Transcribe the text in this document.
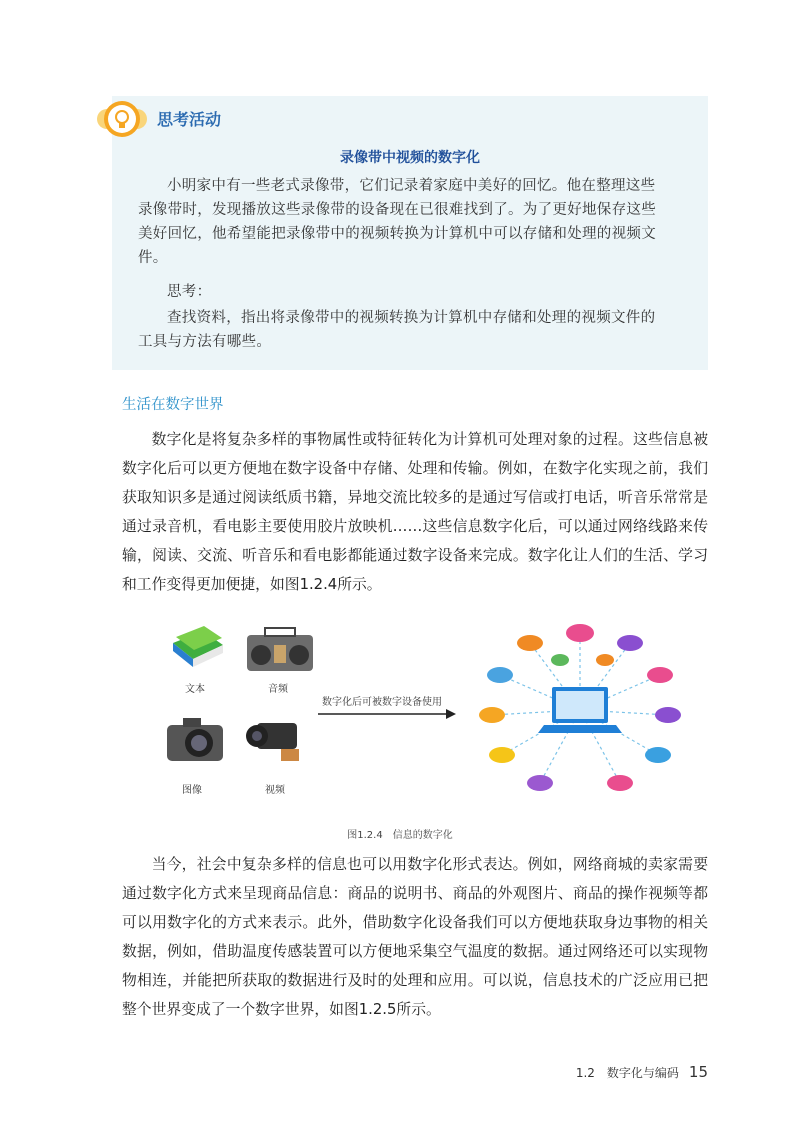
思考活动
录像带中视频的数字化
小明家中有一些老式录像带，它们记录着家庭中美好的回忆。他在整理这些录像带时，发现播放这些录像带的设备现在已很难找到了。为了更好地保存这些美好回忆，他希望能把录像带中的视频转换为计算机中可以存储和处理的视频文件。
思考：
查找资料，指出将录像带中的视频转换为计算机中存储和处理的视频文件的工具与方法有哪些。
生活在数字世界
数字化是将复杂多样的事物属性或特征转化为计算机可处理对象的过程。这些信息被数字化后可以更方便地在数字设备中存储、处理和传输。例如，在数字化实现之前，我们获取知识多是通过阅读纸质书籍，异地交流比较多的是通过写信或打电话，听音乐常常是通过录音机，看电影主要使用胶片放映机……这些信息数字化后，可以通过网络线路来传输，阅读、交流、听音乐和看电影都能通过数字设备来完成。数字化让人们的生活、学习和工作变得更加便捷，如图1.2.4所示。
文本	音频
图像	视频
数字化后可被数字设备使用
图1.2.4　信息的数字化
当今，社会中复杂多样的信息也可以用数字化形式表达。例如，网络商城的卖家需要通过数字化方式来呈现商品信息：商品的说明书、商品的外观图片、商品的操作视频等都可以用数字化的方式来表示。此外，借助数字化设备我们可以方便地获取身边事物的相关数据，例如，借助温度传感装置可以方便地采集空气温度的数据。通过网络还可以实现物物相连，并能把所获取的数据进行及时的处理和应用。可以说，信息技术的广泛应用已把整个世界变成了一个数字世界，如图1.2.5所示。
1.2　数字化与编码 15
